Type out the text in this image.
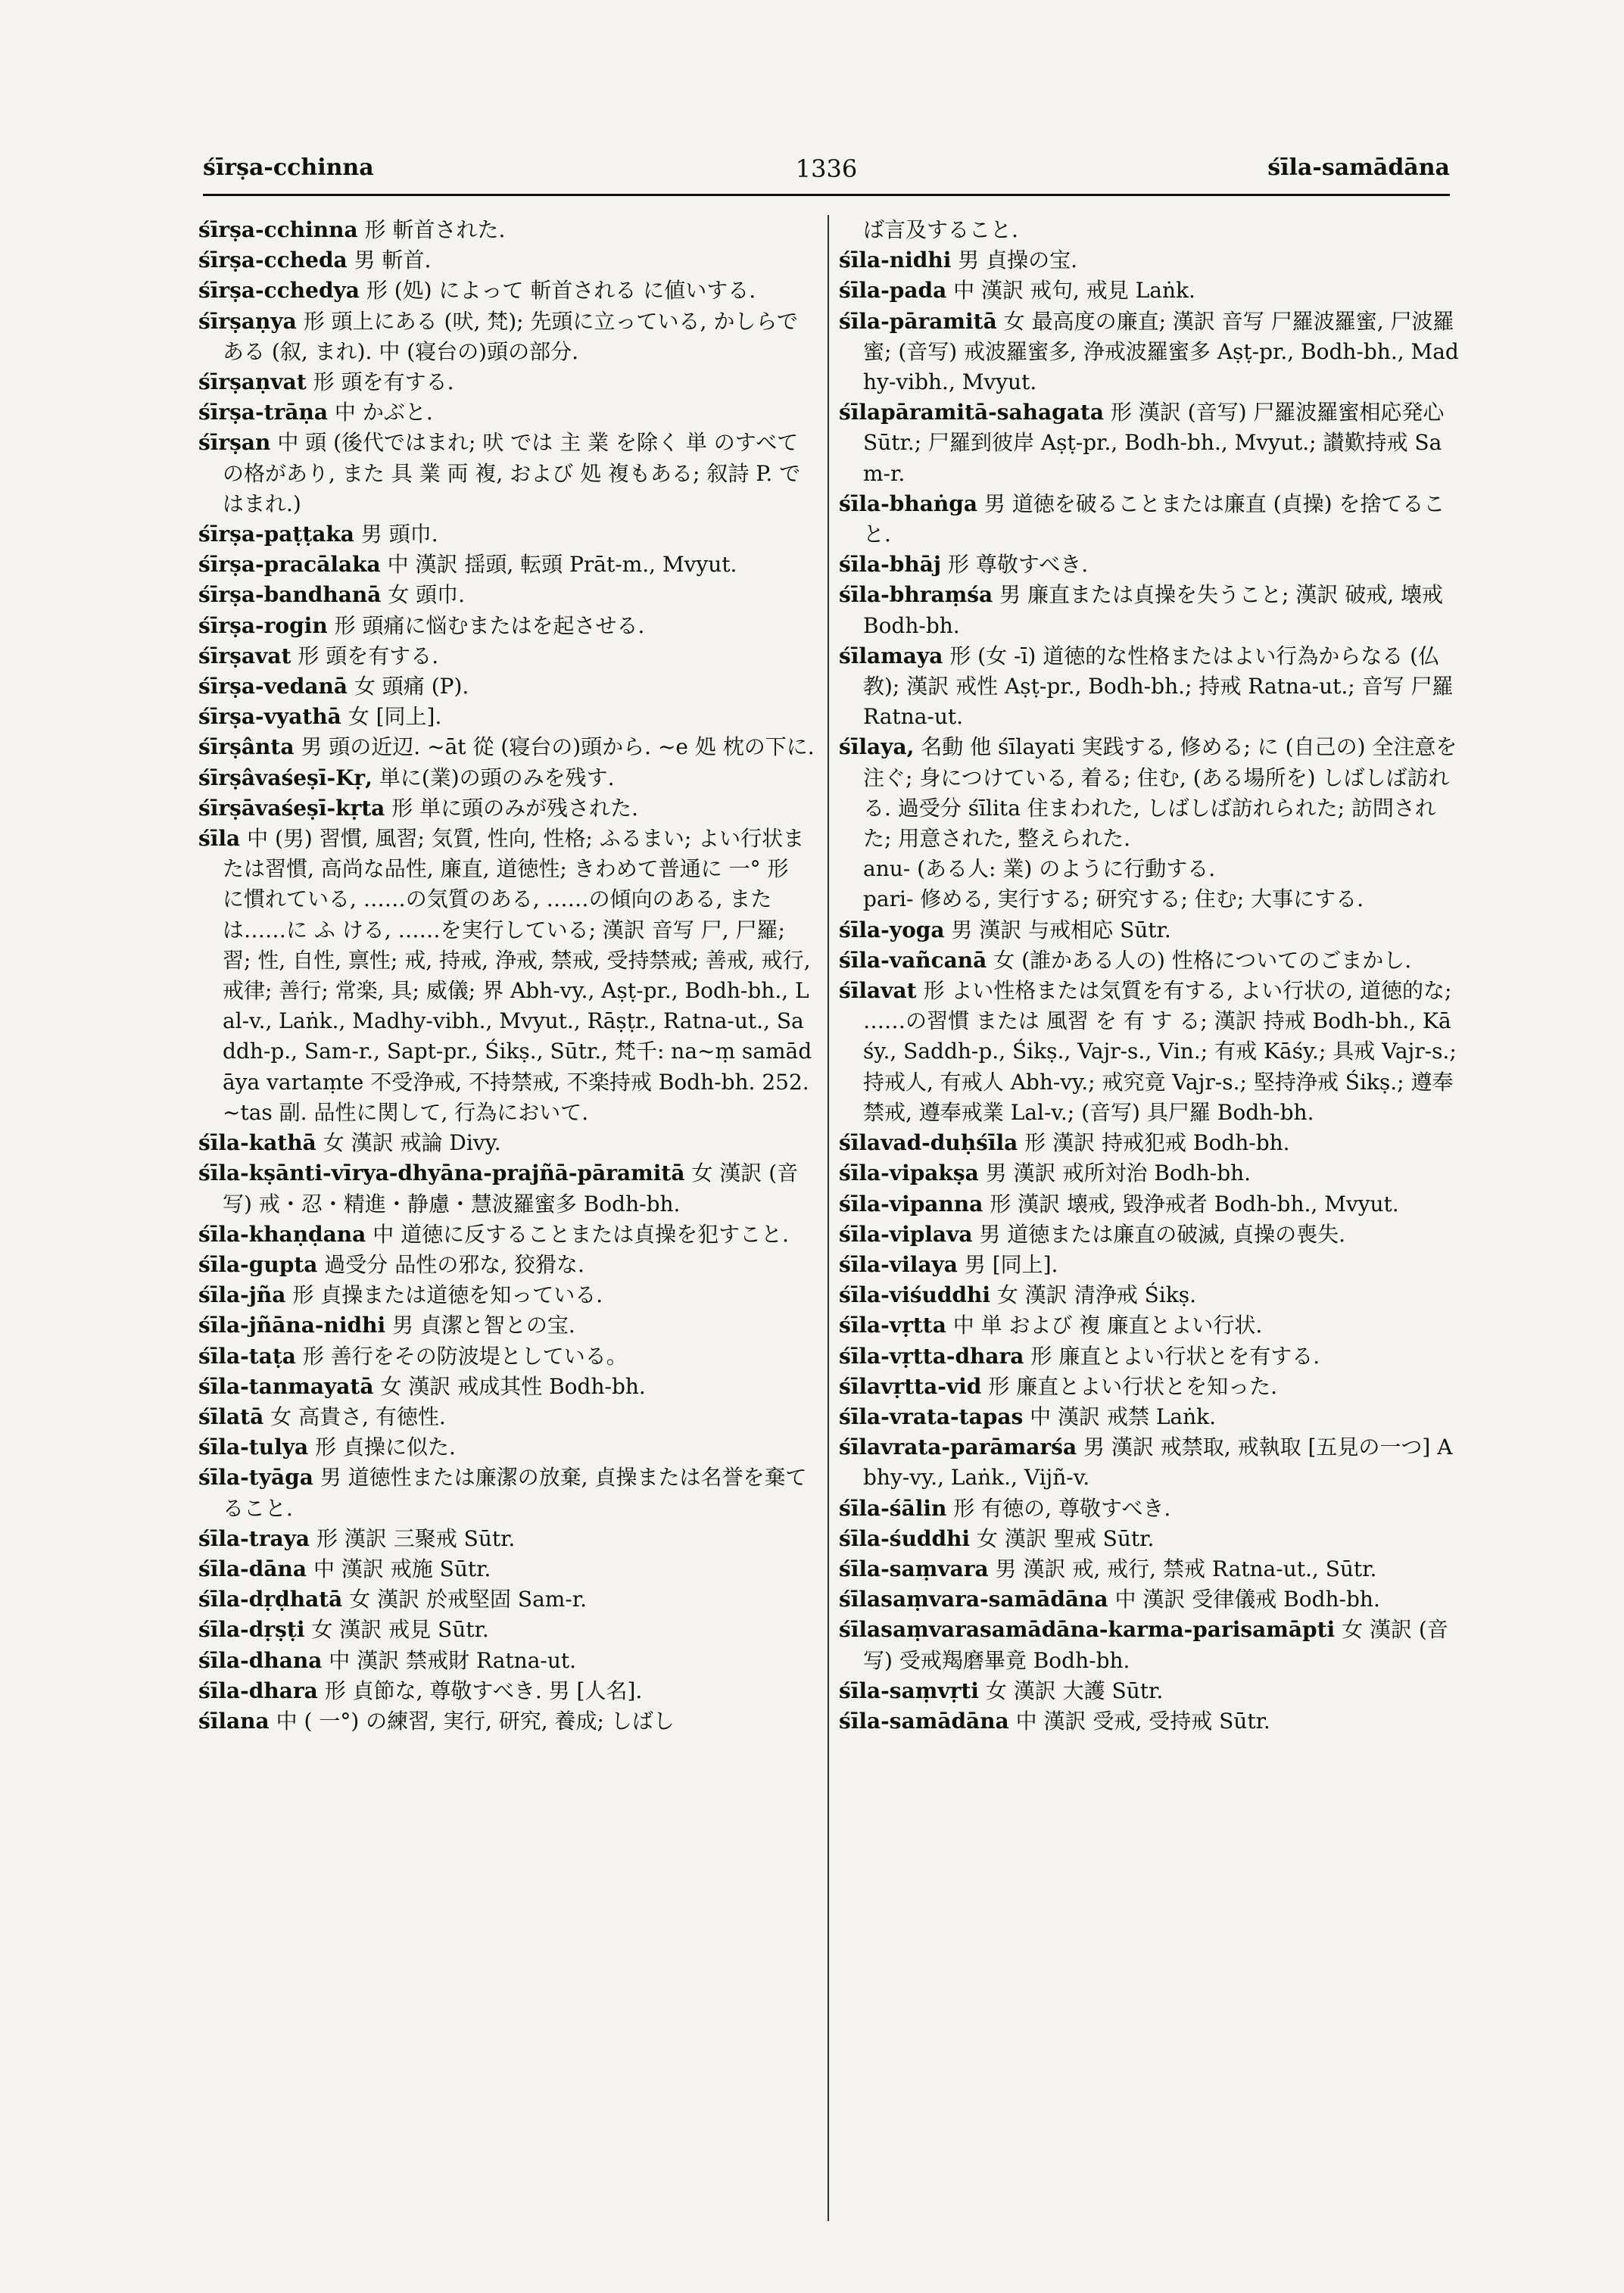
śīrṣa-cchinna	1336	śīla-samādāna

śīrṣa-cchinna 形 斬首された.

śīrṣa-ccheda 男 斬首.

śīrṣa-cchedya 形 (処) によって 斬首される に値いする.

śīrṣaṇya 形 頭上にある (吠, 梵); 先頭に立っている, かしらである (叙, まれ). 中 (寝台の)頭の部分.

śīrṣaṇvat 形 頭を有する.

śīrṣa-trāṇa 中 かぶと.

śīrṣan 中 頭 (後代ではまれ; 吠 では 主 業 を除く 単 のすべての格があり, また 具 業 両 複, および 処 複もある; 叙詩 P. ではまれ.)

śīrṣa-paṭṭaka 男 頭巾.

śīrṣa-pracālaka 中 漢訳 揺頭, 転頭 Prāt-m., Mvyut.

śīrṣa-bandhanā 女 頭巾.

śīrṣa-rogin 形 頭痛に悩むまたはを起させる.

śīrṣavat 形 頭を有する.

śīrṣa-vedanā 女 頭痛 (P).

śīrṣa-vyathā 女 [同上].

śīrṣânta 男 頭の近辺. ~āt 從 (寝台の)頭から. ~e 処 枕の下に.

śīrṣâvaśeṣī-Kṛ, 単に(業)の頭のみを残す.

śīrṣāvaśeṣī-kṛta 形 単に頭のみが残された.

śīla 中 (男) 習慣, 風習; 気質, 性向, 性格; ふるまい; よい行状または習慣, 高尚な品性, 廉直, 道徳性; きわめて普通に 一° 形 に慣れている, ……の気質のある, ……の傾向のある, または……に ふ ける, ……を実行している; 漢訳 音写 尸, 尸羅; 習; 性, 自性, 禀性; 戒, 持戒, 浄戒, 禁戒, 受持禁戒; 善戒, 戒行, 戒律; 善行; 常楽, 具; 威儀; 界 Abh-vy., Aṣṭ-pr., Bodh-bh., Lal-v., Laṅk., Madhy-vibh., Mvyut., Rāṣṭr., Ratna-ut., Saddh-p., Sam-r., Sapt-pr., Śikṣ., Sūtr., 梵千: na~ṃ samādāya vartaṃte 不受浄戒, 不持禁戒, 不楽持戒 Bodh-bh. 252. ~tas 副. 品性に関して, 行為において.

śīla-kathā 女 漢訳 戒論 Divy.

śīla-kṣānti-vīrya-dhyāna-prajñā-pāramitā 女 漢訳 (音写) 戒・忍・精進・静慮・慧波羅蜜多 Bodh-bh.

śīla-khaṇḍana 中 道徳に反することまたは貞操を犯すこと.

śīla-gupta 過受分 品性の邪な, 狡猾な.

śīla-jña 形 貞操または道徳を知っている.

śīla-jñāna-nidhi 男 貞潔と智との宝.

śīla-taṭa 形 善行をその防波堤としている。

śīla-tanmayatā 女 漢訳 戒成其性 Bodh-bh.

śīlatā 女 高貴さ, 有徳性.

śīla-tulya 形 貞操に似た.

śīla-tyāga 男 道徳性または廉潔の放棄, 貞操または名誉を棄てること.

śīla-traya 形 漢訳 三聚戒 Sūtr.

śīla-dāna 中 漢訳 戒施 Sūtr.

śīla-dṛḍhatā 女 漢訳 於戒堅固 Sam-r.

śīla-dṛṣṭi 女 漢訳 戒見 Sūtr.

śīla-dhana 中 漢訳 禁戒財 Ratna-ut.

śīla-dhara 形 貞節な, 尊敬すべき. 男 [人名].

śīlana 中 ( 一°) の練習, 実行, 研究, 養成; しばし

ば言及すること.

śīla-nidhi 男 貞操の宝.

śīla-pada 中 漢訳 戒句, 戒見 Laṅk.

śīla-pāramitā 女 最高度の廉直; 漢訳 音写 尸羅波羅蜜, 尸波羅蜜; (音写) 戒波羅蜜多, 浄戒波羅蜜多 Aṣṭ-pr., Bodh-bh., Madhy-vibh., Mvyut.

śīlapāramitā-sahagata 形 漢訳 (音写) 尸羅波羅蜜相応発心 Sūtr.; 尸羅到彼岸 Aṣṭ-pr., Bodh-bh., Mvyut.; 讃歎持戒 Sam-r.

śīla-bhaṅga 男 道徳を破ることまたは廉直 (貞操) を捨てること.

śīla-bhāj 形 尊敬すべき.

śīla-bhraṃśa 男 廉直または貞操を失うこと; 漢訳 破戒, 壊戒 Bodh-bh.

śīlamaya 形 (女 -ī) 道徳的な性格またはよい行為からなる (仏教); 漢訳 戒性 Aṣṭ-pr., Bodh-bh.; 持戒 Ratna-ut.; 音写 尸羅 Ratna-ut.

śīlaya, 名動 他 śīlayati 実践する, 修める; に (自己の) 全注意を注ぐ; 身につけている, 着る; 住む, (ある場所を) しばしば訪れる. 過受分 śīlita 住まわれた, しばしば訪れられた; 訪問された; 用意された, 整えられた.

anu- (ある人: 業) のように行動する.

pari- 修める, 実行する; 研究する; 住む; 大事にする.

śīla-yoga 男 漢訳 与戒相応 Sūtr.

śīla-vañcanā 女 (誰かある人の) 性格についてのごまかし.

śīlavat 形 よい性格または気質を有する, よい行状の, 道徳的な; ……の習慣 または 風習 を 有 す る; 漢訳 持戒 Bodh-bh., Kāśy., Saddh-p., Śikṣ., Vajr-s., Vin.; 有戒 Kāśy.; 具戒 Vajr-s.; 持戒人, 有戒人 Abh-vy.; 戒究竟 Vajr-s.; 堅持浄戒 Śikṣ.; 遵奉禁戒, 遵奉戒業 Lal-v.; (音写) 具尸羅 Bodh-bh.

śīlavad-duḥśīla 形 漢訳 持戒犯戒 Bodh-bh.

śīla-vipakṣa 男 漢訳 戒所対治 Bodh-bh.

śīla-vipanna 形 漢訳 壊戒, 毀浄戒者 Bodh-bh., Mvyut.

śīla-viplava 男 道徳または廉直の破滅, 貞操の喪失.

śīla-vilaya 男 [同上].

śīla-viśuddhi 女 漢訳 清浄戒 Śikṣ.

śīla-vṛtta 中 単 および 複 廉直とよい行状.

śīla-vṛtta-dhara 形 廉直とよい行状とを有する.

śīlavṛtta-vid 形 廉直とよい行状とを知った.

śīla-vrata-tapas 中 漢訳 戒禁 Laṅk.

śīlavrata-parāmarśa 男 漢訳 戒禁取, 戒執取 [五見の一つ] Abhy-vy., Laṅk., Vijñ-v.

śīla-śālin 形 有徳の, 尊敬すべき.

śīla-śuddhi 女 漢訳 聖戒 Sūtr.

śīla-saṃvara 男 漢訳 戒, 戒行, 禁戒 Ratna-ut., Sūtr.

śīlasaṃvara-samādāna 中 漢訳 受律儀戒 Bodh-bh.

śīlasaṃvarasamādāna-karma-parisamāpti 女 漢訳 (音写) 受戒羯磨畢竟 Bodh-bh.

śīla-saṃvṛti 女 漢訳 大護 Sūtr.

śīla-samādāna 中 漢訳 受戒, 受持戒 Sūtr.
